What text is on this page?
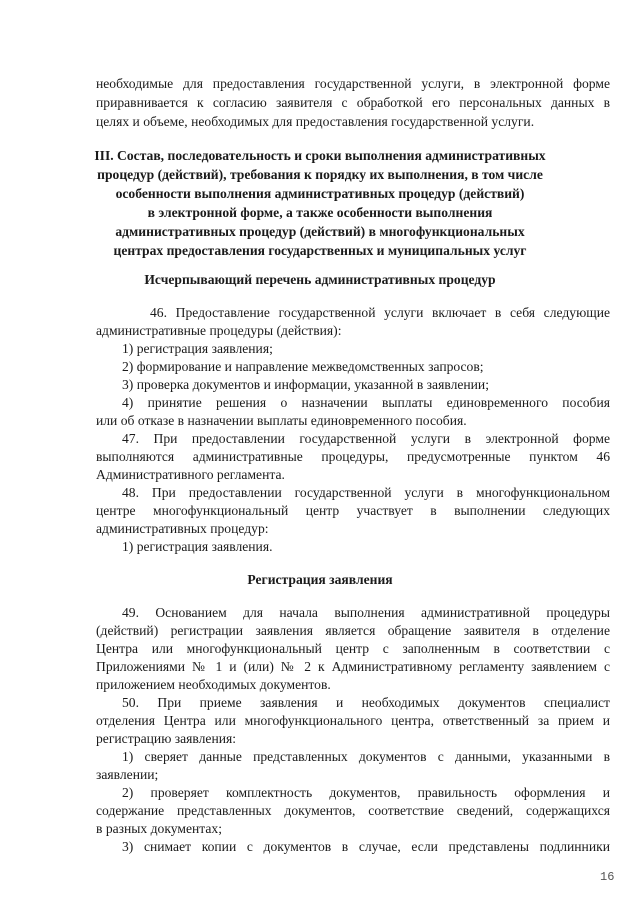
необходимые для предоставления государственной услуги, в электронной форме
приравнивается к согласию заявителя с обработкой его персональных данных в
целях и объеме, необходимых для предоставления государственной услуги.
III. Состав, последовательность и сроки выполнения административных
процедур (действий), требования к порядку их выполнения, в том числе
особенности выполнения административных процедур (действий)
в электронной форме, а также особенности выполнения
административных процедур (действий) в многофункциональных
центрах предоставления государственных и муниципальных услуг
Исчерпывающий перечень административных процедур
46. Предоставление государственной услуги включает в себя следующие
административные процедуры (действия):
1) регистрация заявления;
2) формирование и направление межведомственных запросов;
3) проверка документов и информации, указанной в заявлении;
4) принятие решения о назначении выплаты единовременного пособия
или об отказе в назначении выплаты единовременного пособия.
47. При предоставлении государственной услуги в электронной форме
выполняются административные процедуры, предусмотренные пунктом 46
Административного регламента.
48. При предоставлении государственной услуги в многофункциональном
центре многофункциональный центр участвует в выполнении следующих
административных процедур:
1) регистрация заявления.
Регистрация заявления
49. Основанием для начала выполнения административной процедуры
(действий) регистрации заявления является обращение заявителя в отделение
Центра или многофункциональный центр с заполненным в соответствии с
Приложениями № 1 и (или) № 2 к Административному регламенту заявлением с
приложением необходимых документов.
50. При приеме заявления и необходимых документов специалист
отделения Центра или многофункционального центра, ответственный за прием и
регистрацию заявления:
1) сверяет данные представленных документов с данными, указанными в
заявлении;
2) проверяет комплектность документов, правильность оформления и
содержание представленных документов, соответствие сведений, содержащихся
в разных документах;
3) снимает копии с документов в случае, если представлены подлинники
16
